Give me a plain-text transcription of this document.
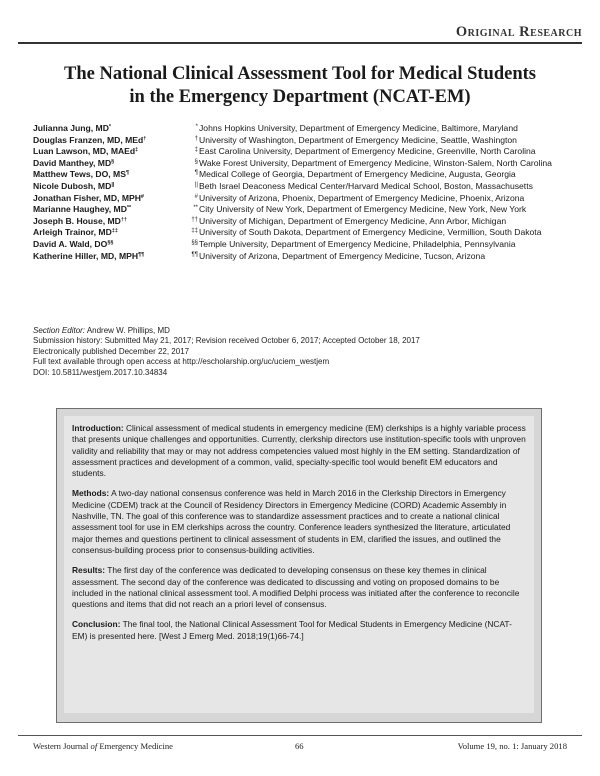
Original Research
The National Clinical Assessment Tool for Medical Students
in the Emergency Department (NCAT-EM)
Julianna Jung, MD*
Douglas Franzen, MD, MEd†
Luan Lawson, MD, MAEd‡
David Manthey, MD§
Matthew Tews, DO, MS¶
Nicole Dubosh, MD||
Jonathan Fisher, MD, MPH#
Marianne Haughey, MD**
Joseph B. House, MD††
Arleigh Trainor, MD‡‡
David A. Wald, DO§§
Katherine Hiller, MD, MPH¶¶
* Johns Hopkins University, Department of Emergency Medicine, Baltimore, Maryland
† University of Washington, Department of Emergency Medicine, Seattle, Washington
‡ East Carolina University, Department of Emergency Medicine, Greenville, North Carolina
§ Wake Forest University, Department of Emergency Medicine, Winston-Salem, North Carolina
¶ Medical College of Georgia, Department of Emergency Medicine, Augusta, Georgia
|| Beth Israel Deaconess Medical Center/Harvard Medical School, Boston, Massachusetts
# University of Arizona, Phoenix, Department of Emergency Medicine, Phoenix, Arizona
** City University of New York, Department of Emergency Medicine, New York, New York
†† University of Michigan, Department of Emergency Medicine, Ann Arbor, Michigan
‡‡ University of South Dakota, Department of Emergency Medicine, Vermillion, South Dakota
§§ Temple University, Department of Emergency Medicine, Philadelphia, Pennsylvania
¶¶ University of Arizona, Department of Emergency Medicine, Tucson, Arizona
Section Editor: Andrew W. Phillips, MD
Submission history: Submitted May 21, 2017; Revision received October 6, 2017; Accepted October 18, 2017
Electronically published December 22, 2017
Full text available through open access at http://escholarship.org/uc/uciem_westjem
DOI: 10.5811/westjem.2017.10.34834

Introduction: Clinical assessment of medical students in emergency medicine (EM) clerkships is a highly variable process that presents unique challenges and opportunities. Currently, clerkship directors use institution-specific tools with unproven validity and reliability that may or may not address competencies valued most highly in the EM setting. Standardization of assessment practices and development of a common, valid, specialty-specific tool would benefit EM educators and students.

Methods: A two-day national consensus conference was held in March 2016 in the Clerkship Directors in Emergency Medicine (CDEM) track at the Council of Residency Directors in Emergency Medicine (CORD) Academic Assembly in Nashville, TN. The goal of this conference was to standardize assessment practices and to create a national clinical assessment tool for use in EM clerkships across the country. Conference leaders synthesized the literature, articulated major themes and questions pertinent to clinical assessment of students in EM, clarified the issues, and outlined the consensus-building process prior to consensus-building activities.

Results: The first day of the conference was dedicated to developing consensus on these key themes in clinical assessment. The second day of the conference was dedicated to discussing and voting on proposed domains to be included in the national clinical assessment tool. A modified Delphi process was initiated after the conference to reconcile questions and items that did not reach an a priori level of consensus.

Conclusion: The final tool, the National Clinical Assessment Tool for Medical Students in Emergency Medicine (NCAT-EM) is presented here. [West J Emerg Med. 2018;19(1)66-74.]

Western Journal of Emergency Medicine	66	Volume 19, no. 1: January 2018
